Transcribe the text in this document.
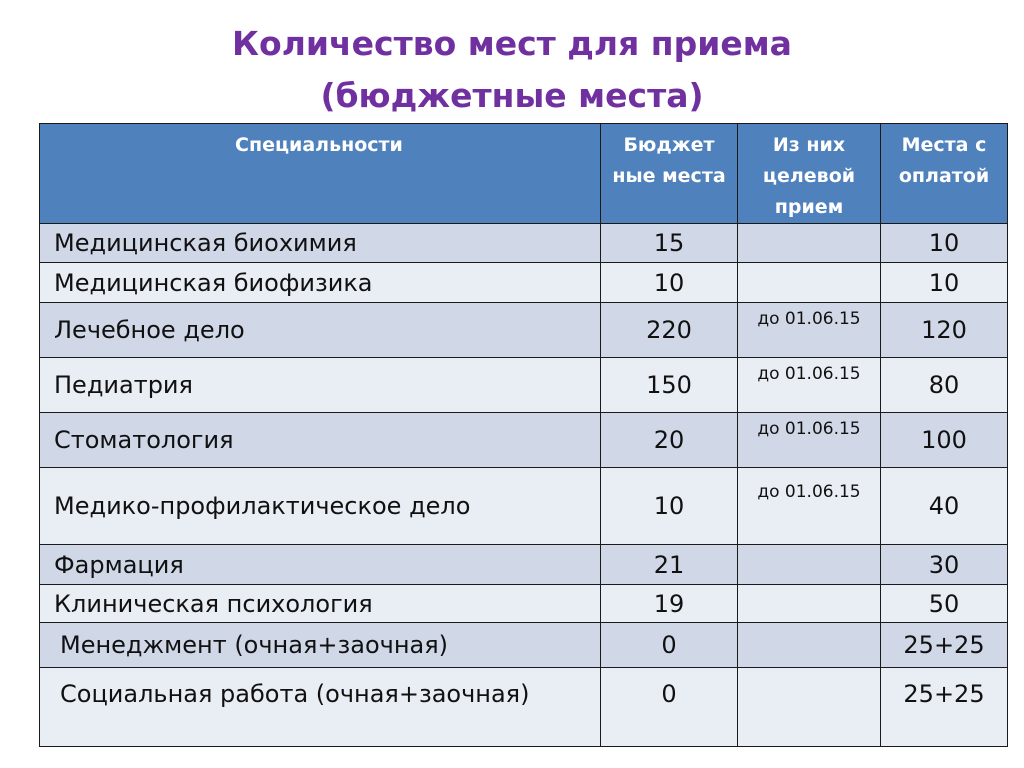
Количество мест для приема
(бюджетные места)
Специальности	Бюджет ные места	Из них целевой прием	Места с оплатой
Медицинская биохимия	15		10
Медицинская биофизика	10		10
Лечебное дело	220	до 01.06.15	120
Педиатрия	150	до 01.06.15	80
Стоматология	20	до 01.06.15	100
Медико-профилактическое дело	10	до 01.06.15	40
Фармация	21		30
Клиническая психология	19		50
Менеджмент (очная+заочная)	0		25+25
Социальная работа (очная+заочная)	0		25+25
